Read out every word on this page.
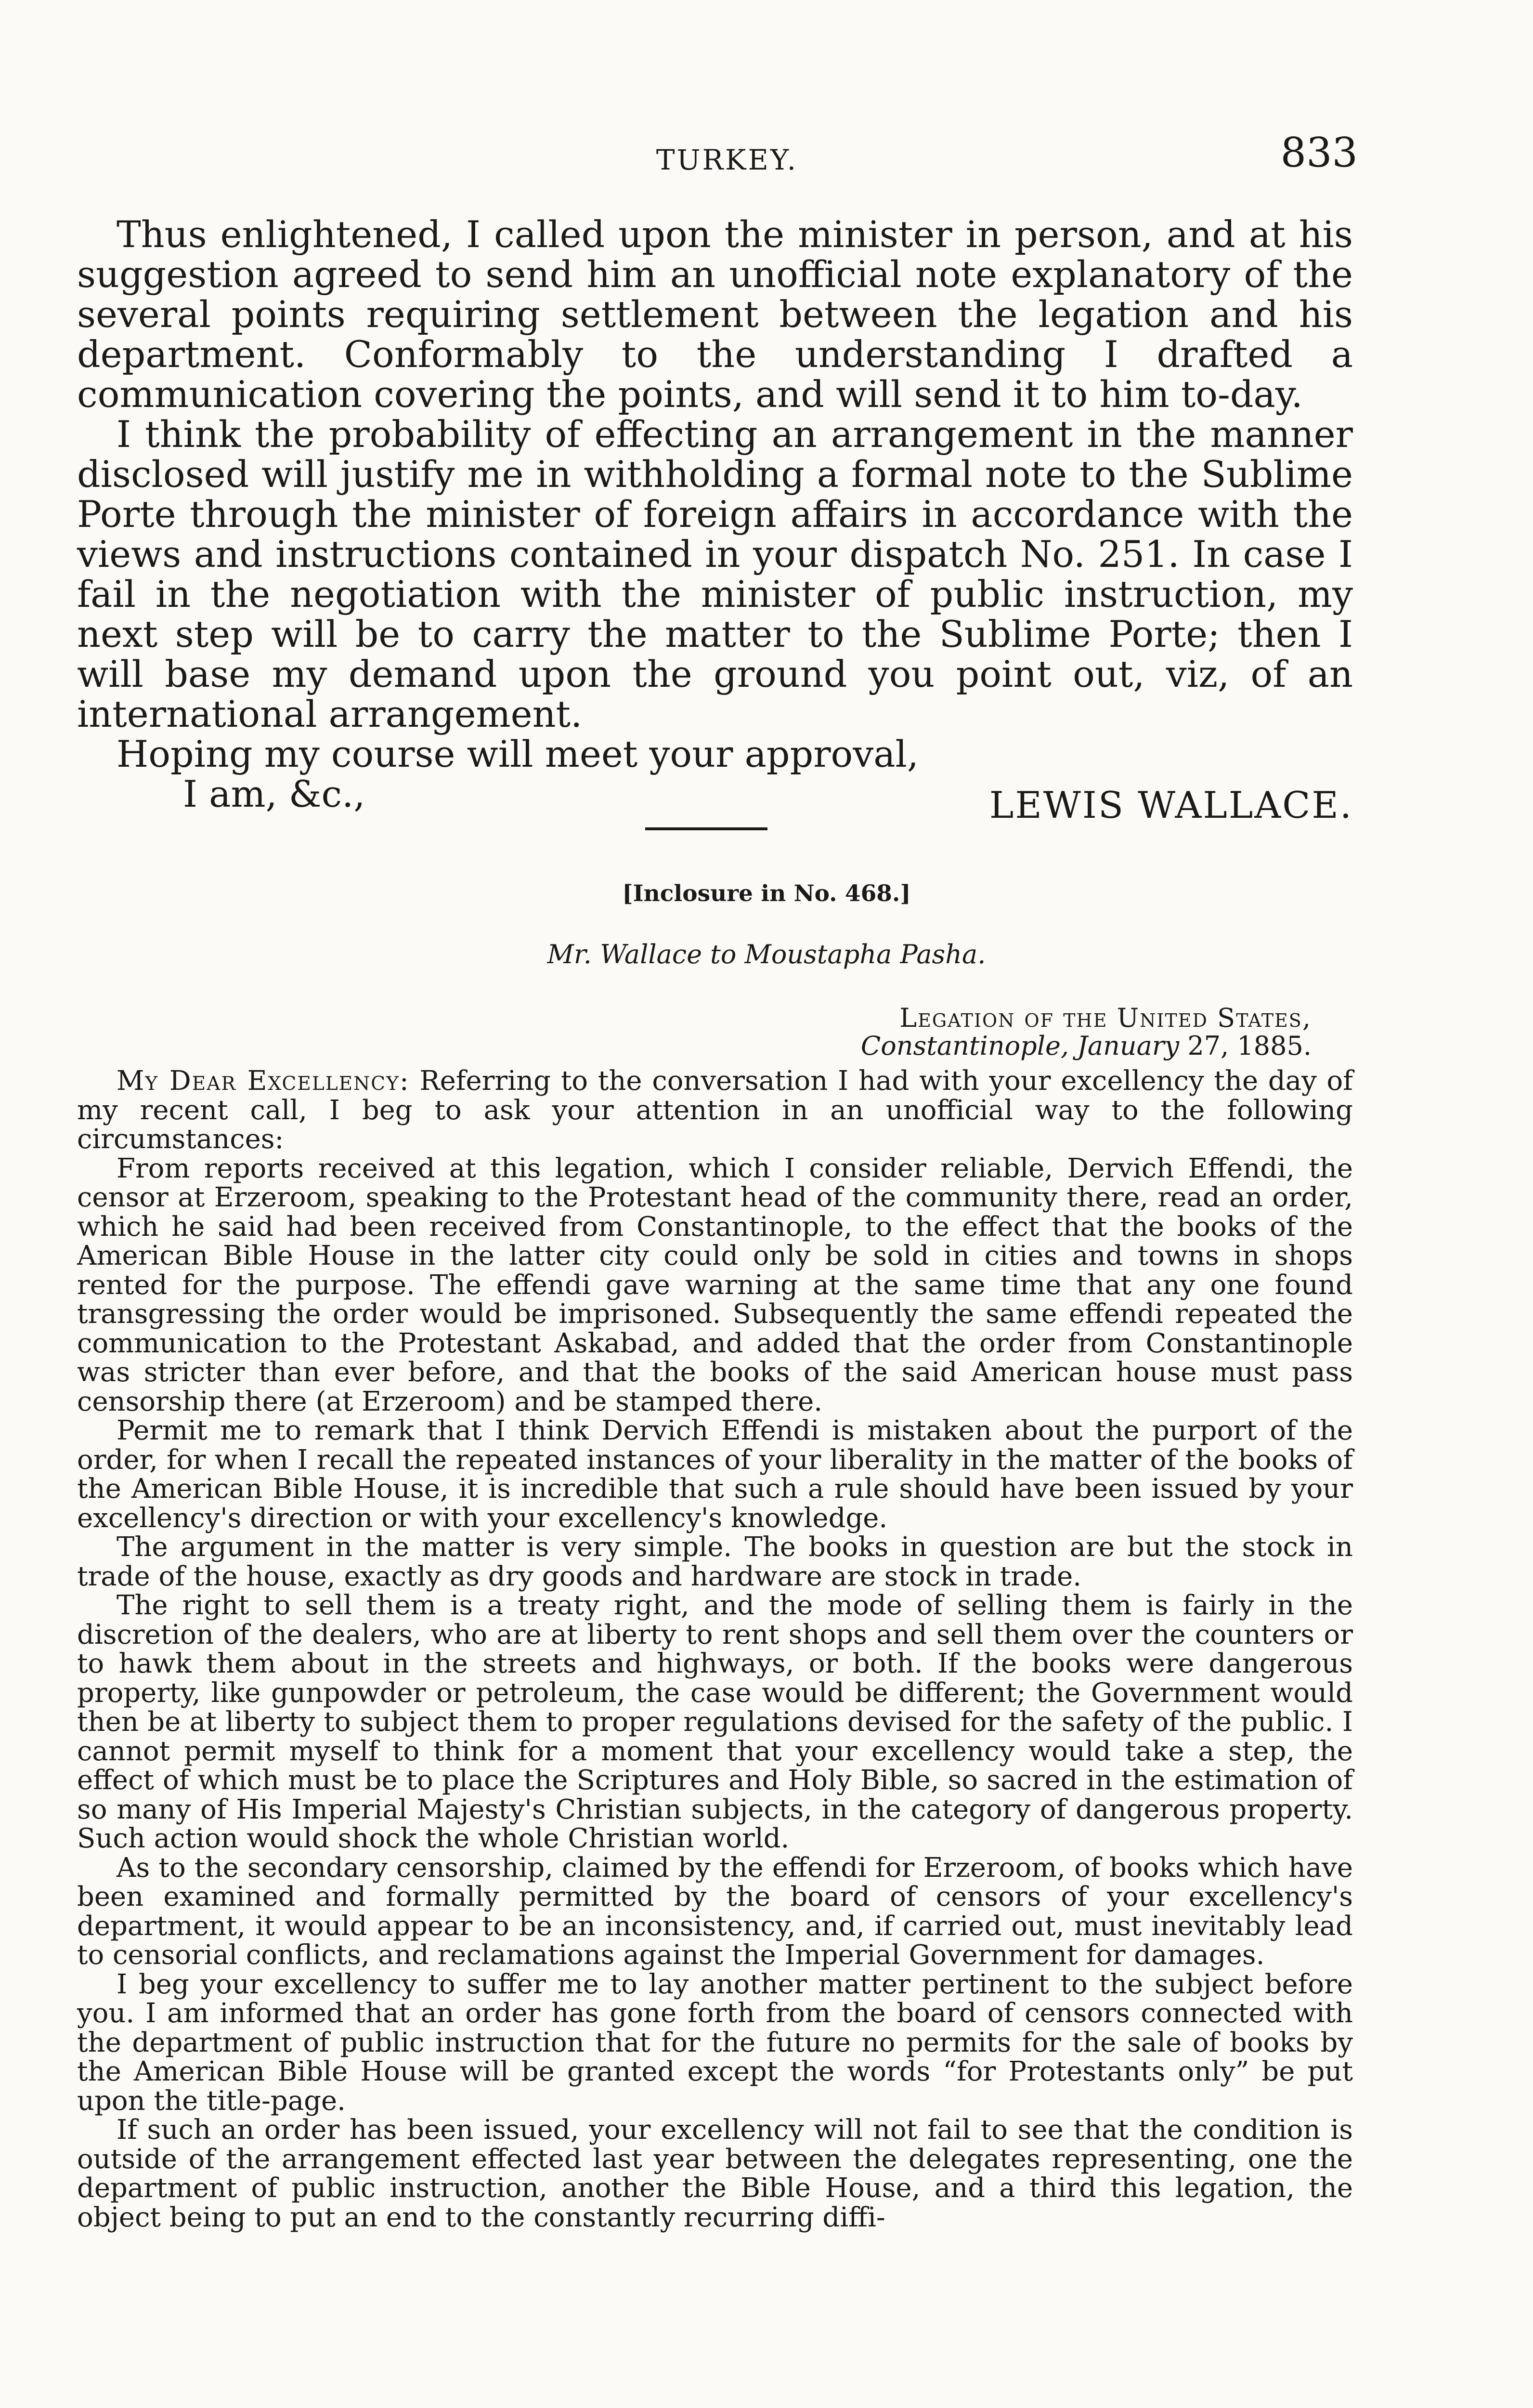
TURKEY.	833

Thus enlightened, I called upon the minister in person, and at his suggestion agreed to send him an unofficial note explanatory of the several points requiring settlement between the legation and his department. Conformably to the understanding I drafted a communication covering the points, and will send it to him to-day.

I think the probability of effecting an arrangement in the manner disclosed will justify me in withholding a formal note to the Sublime Porte through the minister of foreign affairs in accordance with the views and instructions contained in your dispatch No. 251. In case I fail in the negotiation with the minister of public instruction, my next step will be to carry the matter to the Sublime Porte; then I will base my demand upon the ground you point out, viz, of an international arrangement.

Hoping my course will meet your approval,
I am, &c.,	LEWIS WALLACE.
[Inclosure in No. 468.]
Mr. Wallace to Moustapha Pasha.
Legation of the United States,
Constantinople, January 27, 1885.

My Dear Excellency: Referring to the conversation I had with your excellency the day of my recent call, I beg to ask your attention in an unofficial way to the following circumstances:

From reports received at this legation, which I consider reliable, Dervich Effendi, the censor at Erzeroom, speaking to the Protestant head of the community there, read an order, which he said had been received from Constantinople, to the effect that the books of the American Bible House in the latter city could only be sold in cities and towns in shops rented for the purpose. The effendi gave warning at the same time that any one found transgressing the order would be imprisoned. Subsequently the same effendi repeated the communication to the Protestant Askabad, and added that the order from Constantinople was stricter than ever before, and that the books of the said American house must pass censorship there (at Erzeroom) and be stamped there.

Permit me to remark that I think Dervich Effendi is mistaken about the purport of the order, for when I recall the repeated instances of your liberality in the matter of the books of the American Bible House, it is incredible that such a rule should have been issued by your excellency's direction or with your excellency's knowledge.

The argument in the matter is very simple. The books in question are but the stock in trade of the house, exactly as dry goods and hardware are stock in trade.

The right to sell them is a treaty right, and the mode of selling them is fairly in the discretion of the dealers, who are at liberty to rent shops and sell them over the counters or to hawk them about in the streets and highways, or both. If the books were dangerous property, like gunpowder or petroleum, the case would be different; the Government would then be at liberty to subject them to proper regulations devised for the safety of the public. I cannot permit myself to think for a moment that your excellency would take a step, the effect of which must be to place the Scriptures and Holy Bible, so sacred in the estimation of so many of His Imperial Majesty's Christian subjects, in the category of dangerous property. Such action would shock the whole Christian world.

As to the secondary censorship, claimed by the effendi for Erzeroom, of books which have been examined and formally permitted by the board of censors of your excellency's department, it would appear to be an inconsistency, and, if carried out, must inevitably lead to censorial conflicts, and reclamations against the Imperial Government for damages.

I beg your excellency to suffer me to lay another matter pertinent to the subject before you. I am informed that an order has gone forth from the board of censors connected with the department of public instruction that for the future no permits for the sale of books by the American Bible House will be granted except the words “for Protestants only” be put upon the title-page.

If such an order has been issued, your excellency will not fail to see that the condition is outside of the arrangement effected last year between the delegates representing, one the department of public instruction, another the Bible House, and a third this legation, the object being to put an end to the constantly recurring diffi-
